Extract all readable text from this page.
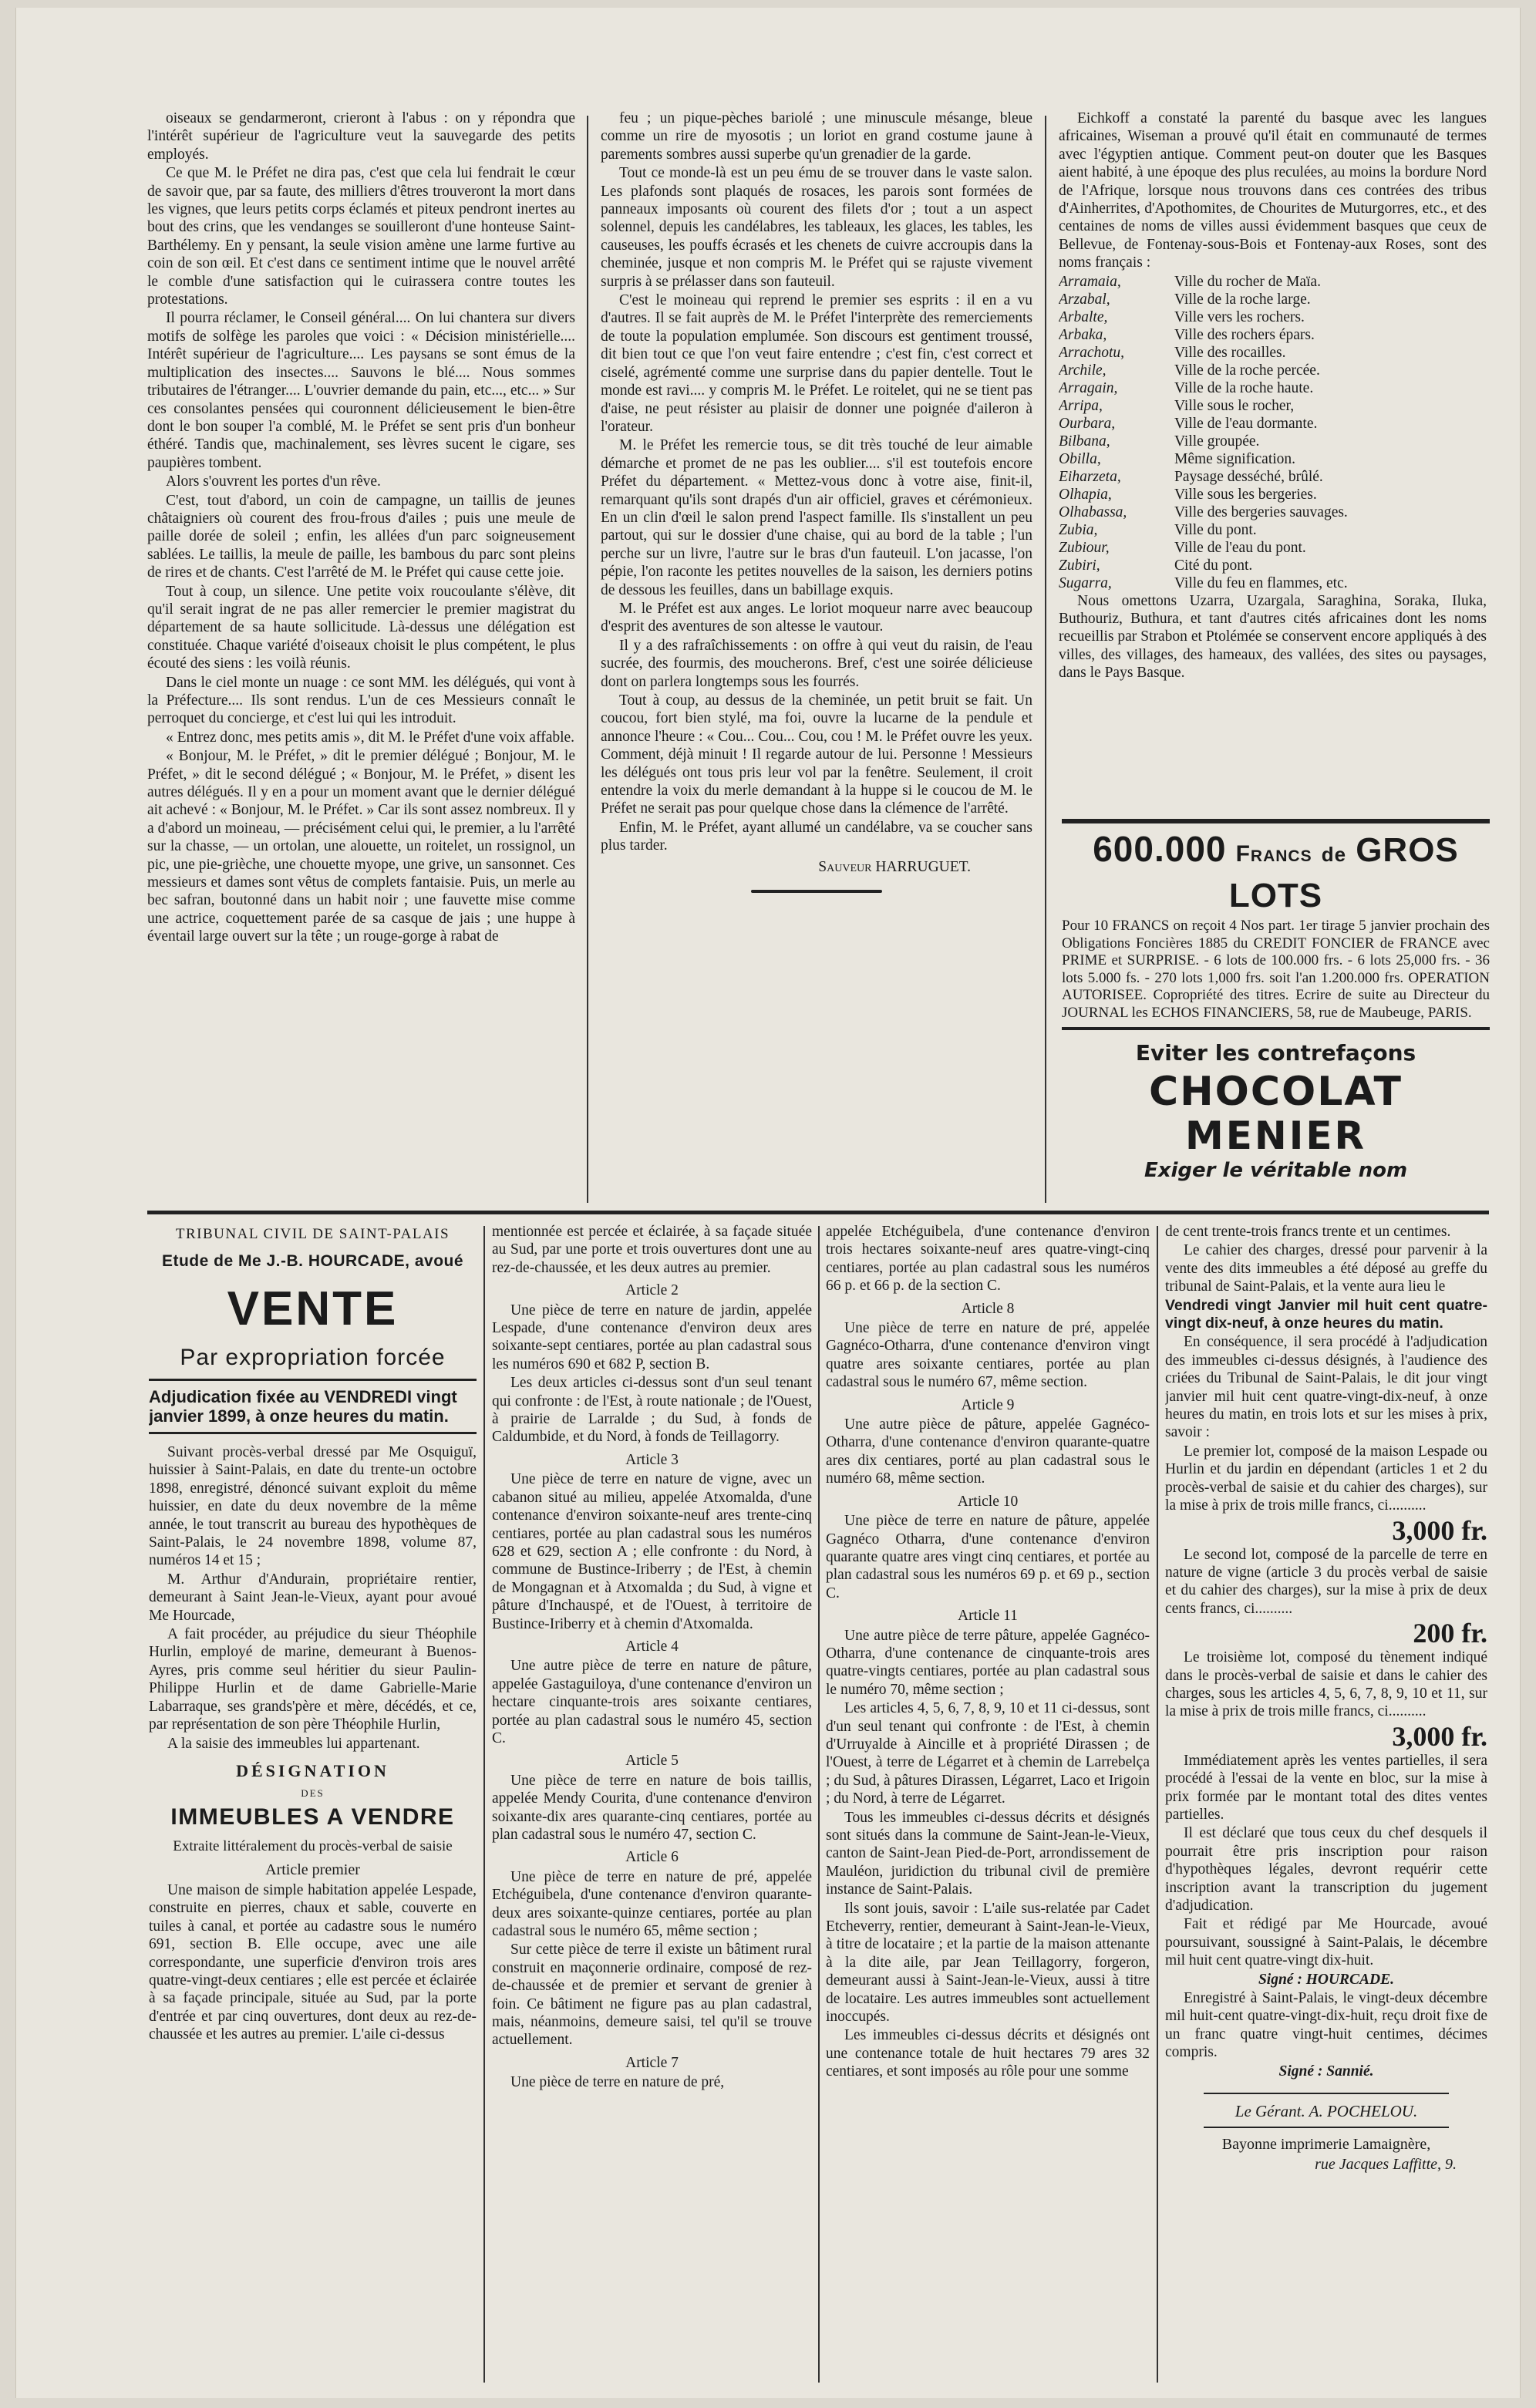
oiseaux se gendarmeront, crieront à l'abus : on y répondra que l'intérêt supérieur de l'agriculture veut la sauvegarde des petits employés.

Ce que M. le Préfet ne dira pas, c'est que cela lui fendrait le cœur de savoir que, par sa faute, des milliers d'êtres trouveront la mort dans les vignes, que leurs petits corps éclamés et piteux pendront inertes au bout des crins, que les vendanges se souilleront d'une honteuse Saint-Barthélemy. En y pensant, la seule vision amène une larme furtive au coin de son œil. Et c'est dans ce sentiment intime que le nouvel arrêté le comble d'une satisfaction qui le cuirassera contre toutes les protestations.

Il pourra réclamer, le Conseil général.... On lui chantera sur divers motifs de solfège les paroles que voici : « Décision ministérielle.... Intérêt supérieur de l'agriculture.... Les paysans se sont émus de la multiplication des insectes.... Sauvons le blé.... Nous sommes tributaires de l'étranger.... L'ouvrier demande du pain, etc..., etc... » Sur ces consolantes pensées qui couronnent délicieusement le bien-être dont le bon souper l'a comblé, M. le Préfet se sent pris d'un bonheur éthéré. Tandis que, machinalement, ses lèvres sucent le cigare, ses paupières tombent.

Alors s'ouvrent les portes d'un rêve.

C'est, tout d'abord, un coin de campagne, un taillis de jeunes châtaigniers où courent des frou-frous d'ailes ; puis une meule de paille dorée de soleil ; enfin, les allées d'un parc soigneusement sablées. Le taillis, la meule de paille, les bambous du parc sont pleins de rires et de chants. C'est l'arrêté de M. le Préfet qui cause cette joie.

Tout à coup, un silence. Une petite voix roucoulante s'élève, dit qu'il serait ingrat de ne pas aller remercier le premier magistrat du département de sa haute sollicitude. Là-dessus une délégation est constituée. Chaque variété d'oiseaux choisit le plus compétent, le plus écouté des siens : les voilà réunis.

Dans le ciel monte un nuage : ce sont MM. les délégués, qui vont à la Préfecture.... Ils sont rendus. L'un de ces Messieurs connaît le perroquet du concierge, et c'est lui qui les introduit.

« Entrez donc, mes petits amis », dit M. le Préfet d'une voix affable.

« Bonjour, M. le Préfet, » dit le premier délégué ; Bonjour, M. le Préfet, » dit le second délégué ; « Bonjour, M. le Préfet, » disent les autres délégués. Il y en a pour un moment avant que le dernier délégué ait achevé : « Bonjour, M. le Préfet. » Car ils sont assez nombreux. Il y a d'abord un moineau, — précisément celui qui, le premier, a lu l'arrêté sur la chasse, — un ortolan, une alouette, un roitelet, un rossignol, un pic, une pie-grièche, une chouette myope, une grive, un sansonnet. Ces messieurs et dames sont vêtus de complets fantaisie. Puis, un merle au bec safran, boutonné dans un habit noir ; une fauvette mise comme une actrice, coquettement parée de sa casque de jais ; une huppe à éventail large ouvert sur la tête ; un rouge-gorge à rabat de

feu ; un pique-pèches bariolé ; une minuscule mésange, bleue comme un rire de myosotis ; un loriot en grand costume jaune à parements sombres aussi superbe qu'un grenadier de la garde.

Tout ce monde-là est un peu ému de se trouver dans le vaste salon. Les plafonds sont plaqués de rosaces, les parois sont formées de panneaux imposants où courent des filets d'or ; tout a un aspect solennel, depuis les candélabres, les tableaux, les glaces, les tables, les causeuses, les pouffs écrasés et les chenets de cuivre accroupis dans la cheminée, jusque et non compris M. le Préfet qui se rajuste vivement surpris à se prélasser dans son fauteuil.

C'est le moineau qui reprend le premier ses esprits : il en a vu d'autres. Il se fait auprès de M. le Préfet l'interprète des remerciements de toute la population emplumée. Son discours est gentiment troussé, dit bien tout ce que l'on veut faire entendre ; c'est fin, c'est correct et ciselé, agrémenté comme une surprise dans du papier dentelle. Tout le monde est ravi.... y compris M. le Préfet. Le roitelet, qui ne se tient pas d'aise, ne peut résister au plaisir de donner une poignée d'aileron à l'orateur.

M. le Préfet les remercie tous, se dit très touché de leur aimable démarche et promet de ne pas les oublier.... s'il est toutefois encore Préfet du département. « Mettez-vous donc à votre aise, finit-il, remarquant qu'ils sont drapés d'un air officiel, graves et cérémonieux. En un clin d'œil le salon prend l'aspect famille. Ils s'installent un peu partout, qui sur le dossier d'une chaise, qui au bord de la table ; l'un perche sur un livre, l'autre sur le bras d'un fauteuil. L'on jacasse, l'on pépie, l'on raconte les petites nouvelles de la saison, les derniers potins de dessous les feuilles, dans un babillage exquis.

M. le Préfet est aux anges. Le loriot moqueur narre avec beaucoup d'esprit des aventures de son altesse le vautour.

Il y a des rafraîchissements : on offre à qui veut du raisin, de l'eau sucrée, des fourmis, des moucherons. Bref, c'est une soirée délicieuse dont on parlera longtemps sous les fourrés.

Tout à coup, au dessus de la cheminée, un petit bruit se fait. Un coucou, fort bien stylé, ma foi, ouvre la lucarne de la pendule et annonce l'heure : « Cou... Cou... Cou, cou ! M. le Préfet ouvre les yeux. Comment, déjà minuit ! Il regarde autour de lui. Personne ! Messieurs les délégués ont tous pris leur vol par la fenêtre. Seulement, il croit entendre la voix du merle demandant à la huppe si le coucou de M. le Préfet ne serait pas pour quelque chose dans la clémence de l'arrêté.

Enfin, M. le Préfet, ayant allumé un candélabre, va se coucher sans plus tarder.

Sauveur HARRUGUET.

Eichkoff a constaté la parenté du basque avec les langues africaines, Wiseman a prouvé qu'il était en communauté de termes avec l'égyptien antique. Comment peut-on douter que les Basques aient habité, à une époque des plus reculées, au moins la bordure Nord de l'Afrique, lorsque nous trouvons dans ces contrées des tribus d'Ainherrites, d'Apothomites, de Chourites de Muturgorres, etc., et des centaines de noms de villes aussi évidemment basques que ceux de Bellevue, de Fontenay-sous-Bois et Fontenay-aux Roses, sont des noms français :

Arramaia,	Ville du rocher de Maïa.
Arzabal,	Ville de la roche large.
Arbalte,	Ville vers les rochers.
Arbaka,	Ville des rochers épars.
Arrachotu,	Ville des rocailles.
Archile,	Ville de la roche percée.
Arragain,	Ville de la roche haute.
Arripa,	Ville sous le rocher,
Ourbara,	Ville de l'eau dormante.
Bilbana,	Ville groupée.
Obilla,	Même signification.
Eiharzeta,	Paysage desséché, brûlé.
Olhapia,	Ville sous les bergeries.
Olhabassa,	Ville des bergeries sauvages.
Zubia,	Ville du pont.
Zubiour,	Ville de l'eau du pont.
Zubiri,	Cité du pont.
Sugarra,	Ville du feu en flammes, etc.

Nous omettons Uzarra, Uzargala, Saraghina, Soraka, Iluka, Buthouriz, Buthura, et tant d'autres cités africaines dont les noms recueillis par Strabon et Ptolémée se conservent encore appliqués à des villes, des villages, des hameaux, des vallées, des sites ou paysages, dans le Pays Basque.

600.000 Francs de GROS LOTS
Pour 10 FRANCS on reçoit 4 Nos part. 1er tirage 5 janvier prochain des Obligations Foncières 1885 du CREDIT FONCIER de FRANCE avec PRIME et SURPRISE. - 6 lots de 100.000 frs. - 6 lots 25,000 frs. - 36 lots 5.000 fs. - 270 lots 1,000 frs. soit l'an 1.200.000 frs. OPERATION AUTORISEE. Copropriété des titres. Ecrire de suite au Directeur du JOURNAL les ECHOS FINANCIERS, 58, rue de Maubeuge, PARIS.
Eviter les contrefaçons
CHOCOLAT
MENIER
Exiger le véritable nom
TRIBUNAL CIVIL DE SAINT-PALAIS
Etude de Me J.-B. HOURCADE, avoué
VENTE
Par expropriation forcée
Adjudication fixée au VENDREDI vingt janvier 1899, à onze heures du matin.

Suivant procès-verbal dressé par Me Osquiguï, huissier à Saint-Palais, en date du trente-un octobre 1898, enregistré, dénoncé suivant exploit du même huissier, en date du deux novembre de la même année, le tout transcrit au bureau des hypothèques de Saint-Palais, le 24 novembre 1898, volume 87, numéros 14 et 15 ;

M. Arthur d'Andurain, propriétaire rentier, demeurant à Saint Jean-le-Vieux, ayant pour avoué Me Hourcade,

A fait procéder, au préjudice du sieur Théophile Hurlin, employé de marine, demeurant à Buenos-Ayres, pris comme seul héritier du sieur Paulin-Philippe Hurlin et de dame Gabrielle-Marie Labarraque, ses grands'père et mère, décédés, et ce, par représentation de son père Théophile Hurlin,

A la saisie des immeubles lui appartenant.

DÉSIGNATION
DES
IMMEUBLES A VENDRE
Extraite littéralement du procès-verbal de saisie
Article premier

Une maison de simple habitation appelée Lespade, construite en pierres, chaux et sable, couverte en tuiles à canal, et portée au cadastre sous le numéro 691, section B. Elle occupe, avec une aile correspondante, une superficie d'environ trois ares quatre-vingt-deux centiares ; elle est percée et éclairée à sa façade principale, située au Sud, par la porte d'entrée et par cinq ouvertures, dont deux au rez-de-chaussée et les autres au premier. L'aile ci-dessus

mentionnée est percée et éclairée, à sa façade située au Sud, par une porte et trois ouvertures dont une au rez-de-chaussée, et les deux autres au premier.

Article 2

Une pièce de terre en nature de jardin, appelée Lespade, d'une contenance d'environ deux ares soixante-sept centiares, portée au plan cadastral sous les numéros 690 et 682 P, section B.

Les deux articles ci-dessus sont d'un seul tenant qui confronte : de l'Est, à route nationale ; de l'Ouest, à prairie de Larralde ; du Sud, à fonds de Caldumbide, et du Nord, à fonds de Teillagorry.

Article 3

Une pièce de terre en nature de vigne, avec un cabanon situé au milieu, appelée Atxomalda, d'une contenance d'environ soixante-neuf ares trente-cinq centiares, portée au plan cadastral sous les numéros 628 et 629, section A ; elle confronte : du Nord, à commune de Bustince-Iriberry ; de l'Est, à chemin de Mongagnan et à Atxomalda ; du Sud, à vigne et pâture d'Inchauspé, et de l'Ouest, à territoire de Bustince-Iriberry et à chemin d'Atxomalda.

Article 4

Une autre pièce de terre en nature de pâture, appelée Gastaguiloya, d'une contenance d'environ un hectare cinquante-trois ares soixante centiares, portée au plan cadastral sous le numéro 45, section C.

Article 5

Une pièce de terre en nature de bois taillis, appelée Mendy Courita, d'une contenance d'environ soixante-dix ares quarante-cinq centiares, portée au plan cadastral sous le numéro 47, section C.

Article 6

Une pièce de terre en nature de pré, appelée Etchéguibela, d'une contenance d'environ quarante-deux ares soixante-quinze centiares, portée au plan cadastral sous le numéro 65, même section ;

Sur cette pièce de terre il existe un bâtiment rural construit en maçonnerie ordinaire, composé de rez-de-chaussée et de premier et servant de grenier à foin. Ce bâtiment ne figure pas au plan cadastral, mais, néanmoins, demeure saisi, tel qu'il se trouve actuellement.

Article 7

Une pièce de terre en nature de pré,

appelée Etchéguibela, d'une contenance d'environ trois hectares soixante-neuf ares quatre-vingt-cinq centiares, portée au plan cadastral sous les numéros 66 p. et 66 p. de la section C.

Article 8

Une pièce de terre en nature de pré, appelée Gagnéco-Otharra, d'une contenance d'environ vingt quatre ares soixante centiares, portée au plan cadastral sous le numéro 67, même section.

Article 9

Une autre pièce de pâture, appelée Gagnéco-Otharra, d'une contenance d'environ quarante-quatre ares dix centiares, porté au plan cadastral sous le numéro 68, même section.

Article 10

Une pièce de terre en nature de pâture, appelée Gagnéco Otharra, d'une contenance d'environ quarante quatre ares vingt cinq centiares, et portée au plan cadastral sous les numéros 69 p. et 69 p., section C.

Article 11

Une autre pièce de terre pâture, appelée Gagnéco-Otharra, d'une contenance de cinquante-trois ares quatre-vingts centiares, portée au plan cadastral sous le numéro 70, même section ;

Les articles 4, 5, 6, 7, 8, 9, 10 et 11 ci-dessus, sont d'un seul tenant qui confronte : de l'Est, à chemin d'Urruyalde à Aincille et à propriété Dirassen ; de l'Ouest, à terre de Légarret et à chemin de Larrebelça ; du Sud, à pâtures Dirassen, Légarret, Laco et Irigoin ; du Nord, à terre de Légarret.

Tous les immeubles ci-dessus décrits et désignés sont situés dans la commune de Saint-Jean-le-Vieux, canton de Saint-Jean Pied-de-Port, arrondissement de Mauléon, juridiction du tribunal civil de première instance de Saint-Palais.

Ils sont jouis, savoir : L'aile sus-relatée par Cadet Etcheverry, rentier, demeurant à Saint-Jean-le-Vieux, à titre de locataire ; et la partie de la maison attenante à la dite aile, par Jean Teillagorry, forgeron, demeurant aussi à Saint-Jean-le-Vieux, aussi à titre de locataire. Les autres immeubles sont actuellement inoccupés.

Les immeubles ci-dessus décrits et désignés ont une contenance totale de huit hectares 79 ares 32 centiares, et sont imposés au rôle pour une somme

de cent trente-trois francs trente et un centimes.

Le cahier des charges, dressé pour parvenir à la vente des dits immeubles a été déposé au greffe du tribunal de Saint-Palais, et la vente aura lieu le

Vendredi vingt Janvier mil huit cent quatre-vingt dix-neuf, à onze heures du matin.

En conséquence, il sera procédé à l'adjudication des immeubles ci-dessus désignés, à l'audience des criées du Tribunal de Saint-Palais, le dit jour vingt janvier mil huit cent quatre-vingt-dix-neuf, à onze heures du matin, en trois lots et sur les mises à prix, savoir :

Le premier lot, composé de la maison Lespade ou Hurlin et du jardin en dépendant (articles 1 et 2 du procès-verbal de saisie et du cahier des charges), sur la mise à prix de trois mille francs, ci..........

3,000 fr.

Le second lot, composé de la parcelle de terre en nature de vigne (article 3 du procès verbal de saisie et du cahier des charges), sur la mise à prix de deux cents francs, ci..........

200 fr.

Le troisième lot, composé du tènement indiqué dans le procès-verbal de saisie et dans le cahier des charges, sous les articles 4, 5, 6, 7, 8, 9, 10 et 11, sur la mise à prix de trois mille francs, ci..........

3,000 fr.

Immédiatement après les ventes partielles, il sera procédé à l'essai de la vente en bloc, sur la mise à prix formée par le montant total des dites ventes partielles.

Il est déclaré que tous ceux du chef desquels il pourrait être pris inscription pour raison d'hypothèques légales, devront requérir cette inscription avant la transcription du jugement d'adjudication.

Fait et rédigé par Me Hourcade, avoué poursuivant, soussigné à Saint-Palais, le décembre mil huit cent quatre-vingt dix-huit.

Signé : HOURCADE.

Enregistré à Saint-Palais, le vingt-deux décembre mil huit-cent quatre-vingt-dix-huit, reçu droit fixe de un franc quatre vingt-huit centimes, décimes compris.

Signé : Sannié.

Le Gérant. A. POCHELOU.
Bayonne imprimerie Lamaignère,
rue Jacques Laffitte, 9.
